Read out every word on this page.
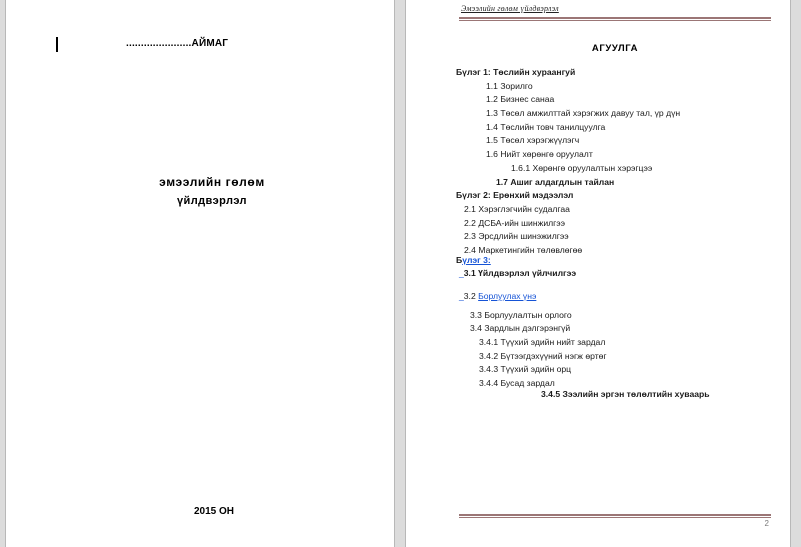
......................АЙМАГ
эмээлийн гөлөм
үйлдвэрлэл
2015 ОН
Эмээлийн гөлөм үйлдвэрлэл
АГУУЛГА
Бүлэг 1: Төслийн хураангуй
1.1 Зорилго
1.2 Бизнес санаа
1.3 Төсөл амжилттай хэрэгжих давуу тал, үр дүн
1.4 Төслийн товч танилцуулга
1.5 Төсөл хэрэгжүүлэгч
1.6 Нийт хөрөнгө оруулалт
1.6.1 Хөрөнгө оруулалтын хэрэгцээ
1.7 Ашиг алдагдлын тайлан
Бүлэг 2: Ерөнхий мэдээлэл
2.1 Хэрэглэгчийн судалгаа
2.2 ДСБА-ийн шинжилгээ
2.3 Эрсдлийн шинэжилгээ
2.4 Маркетингийн төлөвлөгөө
Бүлэг 3:
_3.1 Үйлдвэрлэл үйлчилгээ
_3.2 Борлуулах үнэ
3.3 Борлуулалтын орлого
3.4 Зардлын дэлгэрэнгүй
3.4.1 Түүхий эдийн нийт зардал
3.4.2 Бүтээгдэхүүний нэгж өртөг
3.4.3 Түүхий эдийн орц
3.4.4 Бусад зардал
3.4.5 Зээлийн эргэн төлөлтийн хуваарь
2
